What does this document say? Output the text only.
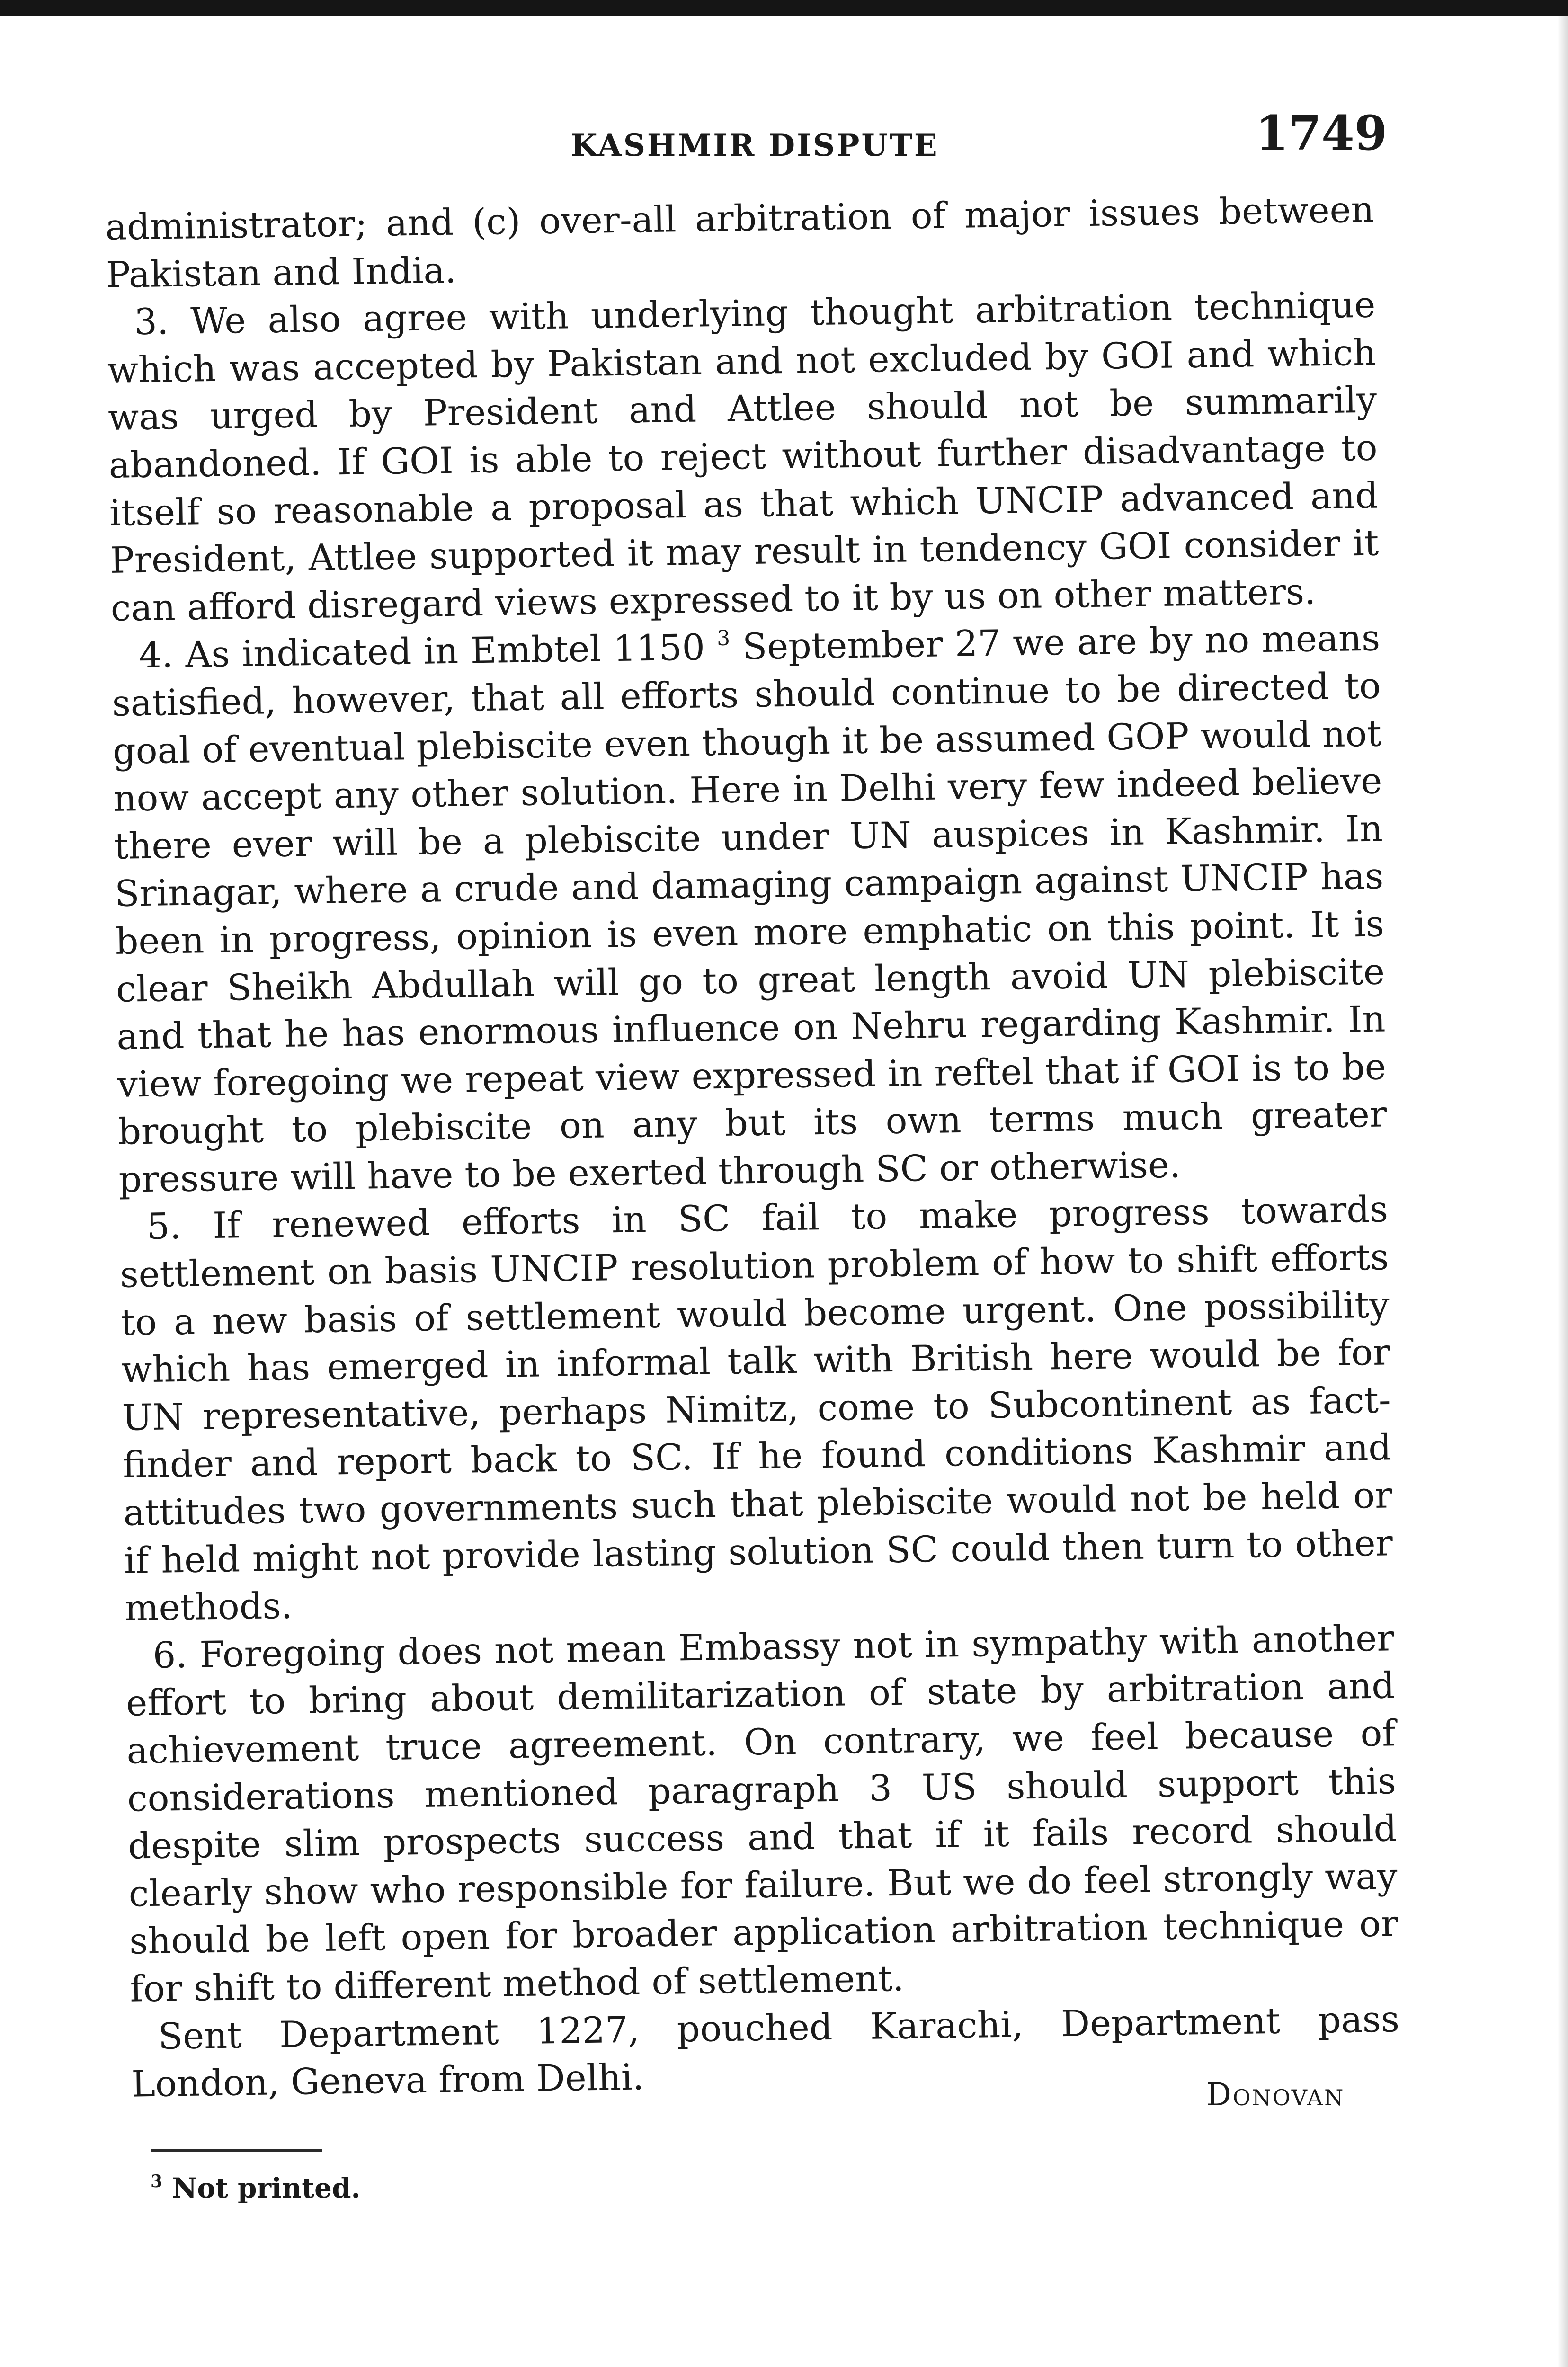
KASHMIR DISPUTE	1749

administrator; and (c) over-all arbitration of major issues between Pakistan and India.

3. We also agree with underlying thought arbitration technique which was accepted by Pakistan and not excluded by GOI and which was urged by President and Attlee should not be summarily abandoned. If GOI is able to reject without further disadvantage to itself so reasonable a proposal as that which UNCIP advanced and President, Attlee supported it may result in tendency GOI consider it can afford disregard views expressed to it by us on other matters.

4. As indicated in Embtel 1150 $^3$ September 27 we are by no means satisfied, however, that all efforts should continue to be directed to goal of eventual plebiscite even though it be assumed GOP would not now accept any other solution. Here in Delhi very few indeed believe there ever will be a plebiscite under UN auspices in Kashmir. In Srinagar, where a crude and damaging campaign against UNCIP has been in progress, opinion is even more emphatic on this point. It is clear Sheikh Abdullah will go to great length avoid UN plebiscite and that he has enormous influence on Nehru regarding Kashmir. In view foregoing we repeat view expressed in reftel that if GOI is to be brought to plebiscite on any but its own terms much greater pressure will have to be exerted through SC or otherwise.

5. If renewed efforts in SC fail to make progress towards settlement on basis UNCIP resolution problem of how to shift efforts to a new basis of settlement would become urgent. One possibility which has emerged in informal talk with British here would be for UN representative, perhaps Nimitz, come to Subcontinent as fact-finder and report back to SC. If he found conditions Kashmir and attitudes two governments such that plebiscite would not be held or if held might not provide lasting solution SC could then turn to other methods.

6. Foregoing does not mean Embassy not in sympathy with another effort to bring about demilitarization of state by arbitration and achievement truce agreement. On contrary, we feel because of considerations mentioned paragraph 3 US should support this despite slim prospects success and that if it fails record should clearly show who responsible for failure. But we do feel strongly way should be left open for broader application arbitration technique or for shift to different method of settlement.

Sent Department 1227, pouched Karachi, Department pass London, Geneva from Delhi.	Donovan
$^3$ Not printed.
